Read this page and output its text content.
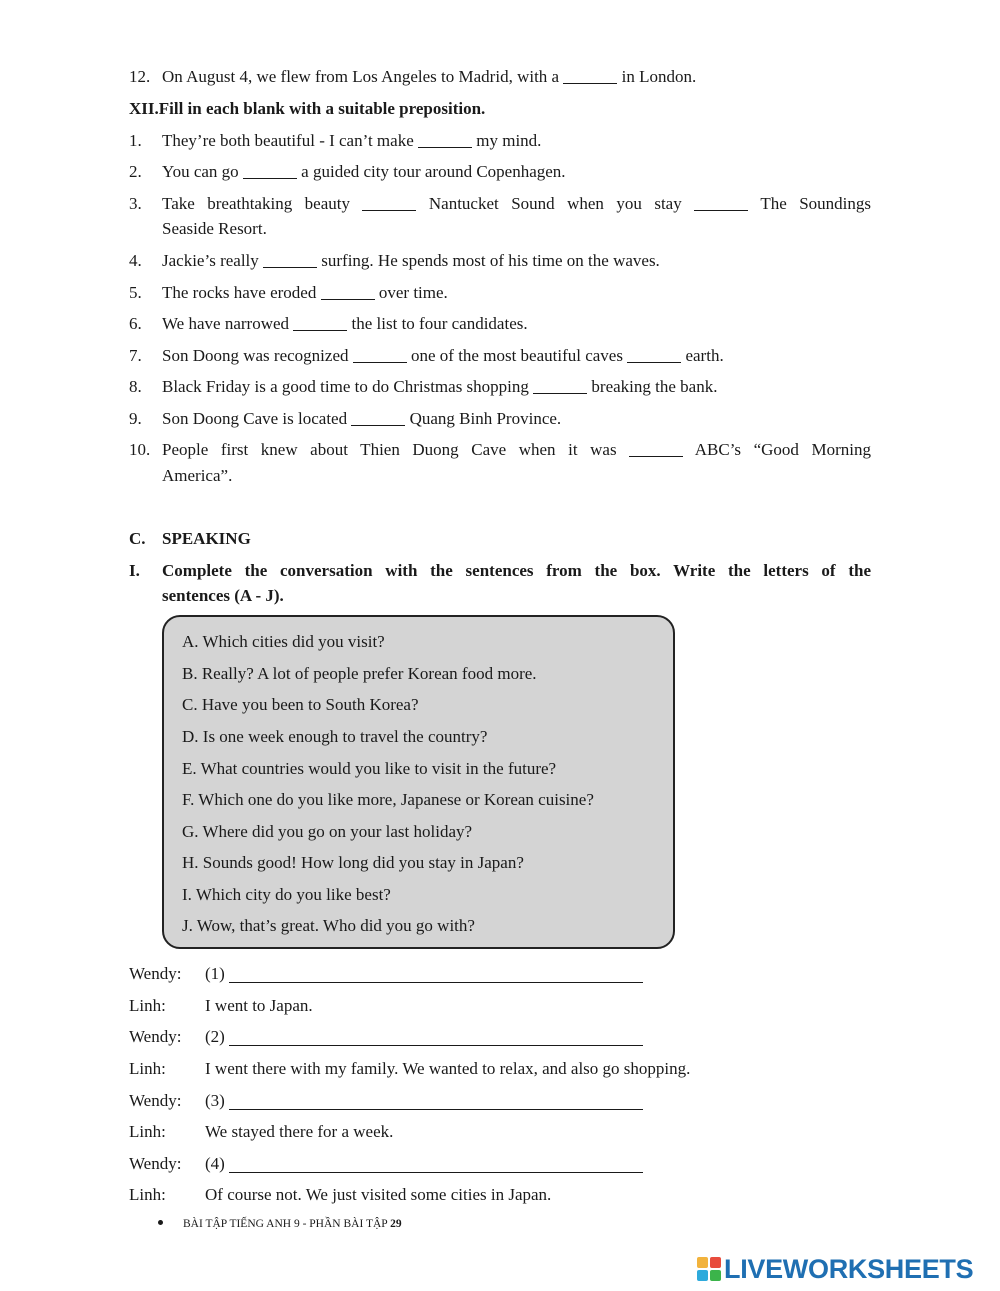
12. On August 4, we flew from Los Angeles to Madrid, with a	in London.
XII.Fill in each blank with a suitable preposition.
1.	They’re both beautiful - I can’t make	my mind.
2.	You can go	a guided city tour around Copenhagen.
3.	Take breathtaking beauty	Nantucket Sound when you stay	The Soundings
Seaside Resort.
4.	Jackie’s really	surfing. He spends most of his time on the waves.
5.	The rocks have eroded	over time.
6.	We have narrowed	the list to four candidates.
7.	Son Doong was recognized	one of the most beautiful caves	earth.
8.	Black Friday is a good time to do Christmas shopping	breaking the bank.
9.	Son Doong Cave is located	Quang Binh Province.
10. People first knew about Thien Duong Cave when it was	ABC’s “Good Morning
America”.
C. SPEAKING
I.	Complete the conversation with the sentences from the box. Write the letters of the
sentences (A - J).
A. Which cities did you visit?
B. Really? A lot of people prefer Korean food more.
C. Have you been to South Korea?
D. Is one week enough to travel the country?
E. What countries would you like to visit in the future?
F. Which one do you like more, Japanese or Korean cuisine?
G. Where did you go on your last holiday?
H. Sounds good! How long did you stay in Japan?
I. Which city do you like best?
J. Wow, that’s great. Who did you go with?
Wendy:	(1)
Linh:	I went to Japan.
Wendy:	(2)
Linh:	I went there with my family. We wanted to relax, and also go shopping.
Wendy:	(3)
Linh:	We stayed there for a week.
Wendy:	(4)
Linh:	Of course not. We just visited some cities in Japan.
BÀI TẬP TIẾNG ANH 9 - PHẦN BÀI TẬP 29
LIVEWORKSHEETS
